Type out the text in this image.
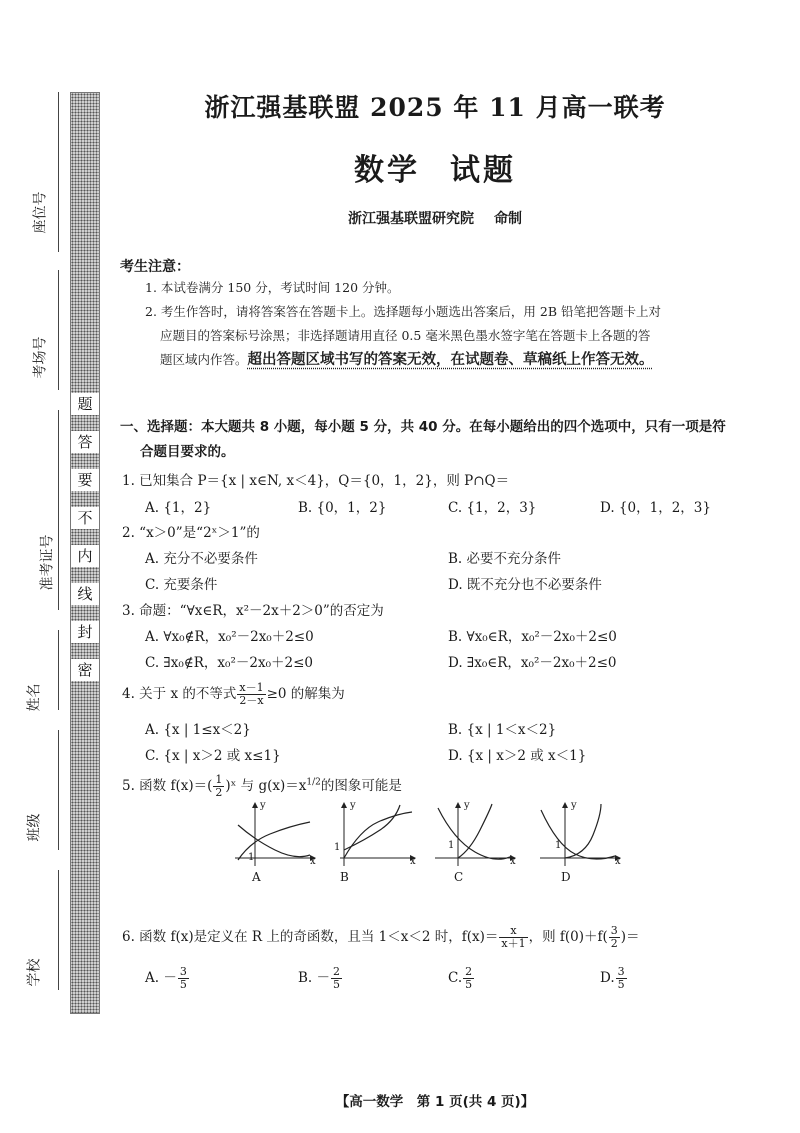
座位号
考场号
准考证号
姓名
班级
学校
题
答
要
不
内
线
封
密
浙江强基联盟 2025 年 11 月高一联考
数学 试题
浙江强基联盟研究院 命制
考生注意：
1. 本试卷满分 150 分，考试时间 120 分钟。
2. 考生作答时，请将答案答在答题卡上。选择题每小题选出答案后，用 2B 铅笔把答题卡上对
应题目的答案标号涂黑；非选择题请用直径 0.5 毫米黑色墨水签字笔在答题卡上各题的答
题区域内作答。超出答题区域书写的答案无效，在试题卷、草稿纸上作答无效。
一、选择题：本大题共 8 小题，每小题 5 分，共 40 分。在每小题给出的四个选项中，只有一项是符
合题目要求的。
1. 已知集合 P＝{x | x∈N, x＜4}，Q＝{0，1，2}，则 P∩Q＝
A. {1，2}	B. {0，1，2}	C. {1，2，3}	D. {0，1，2，3}
2. “x＞0”是“2ˣ＞1”的
A. 充分不必要条件	B. 必要不充分条件
C. 充要条件	D. 既不充分也不必要条件
3. 命题：“∀x∈R，x²－2x＋2＞0”的否定为
A. ∀x₀∉R，x₀²－2x₀＋2≤0	B. ∀x₀∈R，x₀²－2x₀＋2≤0
C. ∃x₀∉R，x₀²－2x₀＋2≤0	D. ∃x₀∈R，x₀²－2x₀＋2≤0
4. 关于 x 的不等式 $\frac{x-1}{2-x} \ge 0$ 的解集为
A. {x | 1≤x＜2}	B. {x | 1＜x＜2}
C. {x | x＞2 或 x≤1}	D. {x | x＞2 或 x＜1}
5. 函数 $f(x)=( \frac{1}{2}$ )ˣ 与 $g(x)=x^{1/2}$的图象可能是
1
y
x
A
1
y
x
B
1
y
x
C
1
y
x
D
6. 函数 f(x)是定义在 R 上的奇函数，且当 1＜x＜2 时，$f(x)= \frac{x}{x+1}$ ，则 $f(0)+f( \frac{3}{2}$ )＝
A. － $\frac{3}{5}$	B. － $\frac{2}{5}$	C. $\frac{2}{5}$	D. $\frac{3}{5}$
【高一数学　第 1 页(共 4 页)】
